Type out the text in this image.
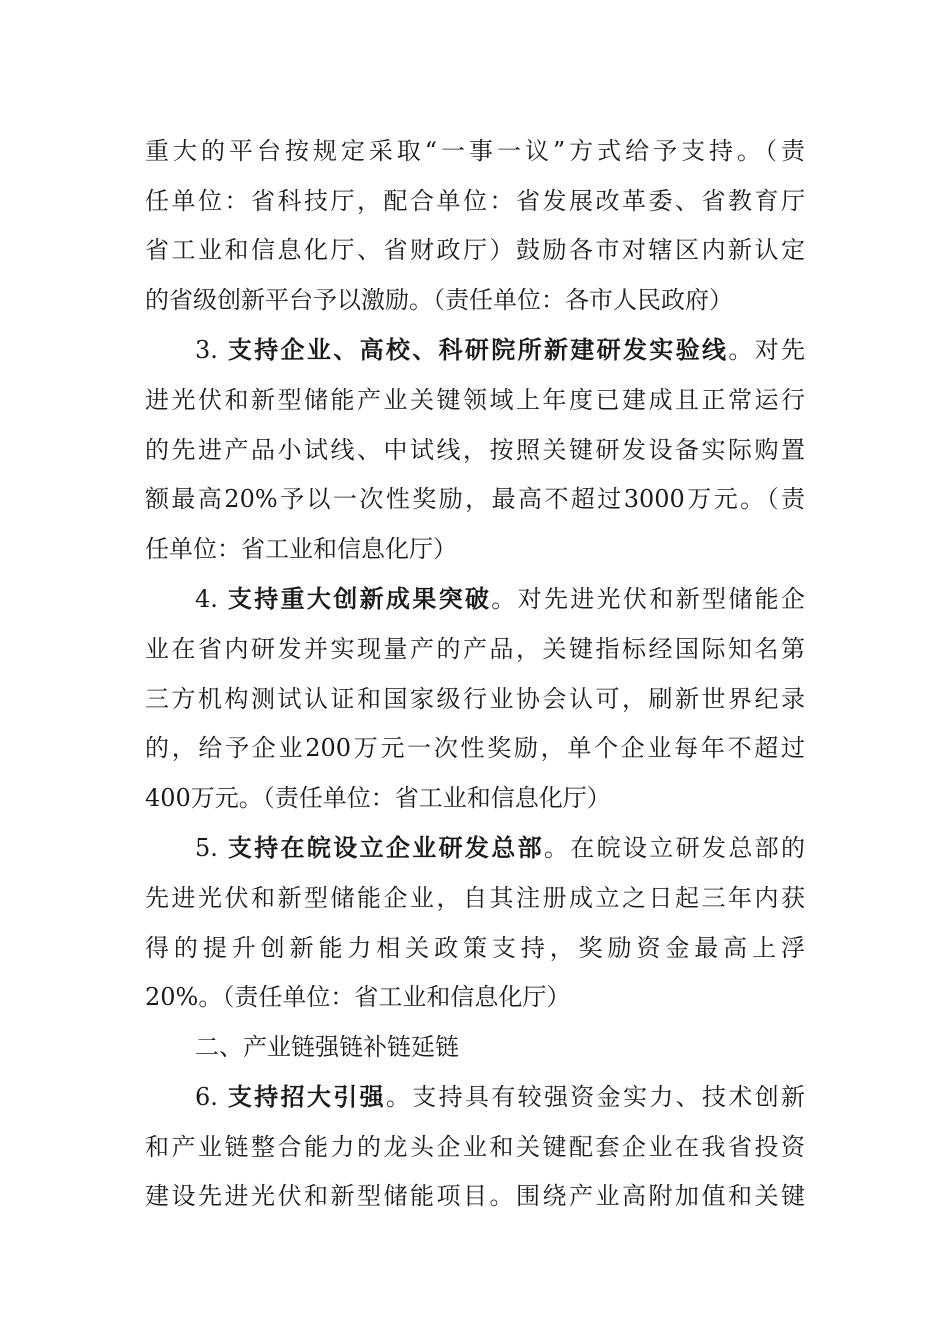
重大的平台按规定采取“一事一议”方式给予支持。（责
任单位：省科技厅，配合单位：省发展改革委、省教育厅
省工业和信息化厅、省财政厅）鼓励各市对辖区内新认定
的省级创新平台予以激励。（责任单位：各市人民政府）
3. 支持企业、高校、科研院所新建研发实验线。对先
进光伏和新型储能产业关键领域上年度已建成且正常运行
的先进产品小试线、中试线，按照关键研发设备实际购置
额最高20%予以一次性奖励，最高不超过3000万元。（责
任单位：省工业和信息化厅）
4. 支持重大创新成果突破。对先进光伏和新型储能企
业在省内研发并实现量产的产品，关键指标经国际知名第
三方机构测试认证和国家级行业协会认可，刷新世界纪录
的，给予企业200万元一次性奖励，单个企业每年不超过
400万元。（责任单位：省工业和信息化厅）
5. 支持在皖设立企业研发总部。在皖设立研发总部的
先进光伏和新型储能企业，自其注册成立之日起三年内获
得的提升创新能力相关政策支持，奖励资金最高上浮
20%。（责任单位：省工业和信息化厅）
二、产业链强链补链延链
6. 支持招大引强。支持具有较强资金实力、技术创新
和产业链整合能力的龙头企业和关键配套企业在我省投资
建设先进光伏和新型储能项目。围绕产业高附加值和关键
